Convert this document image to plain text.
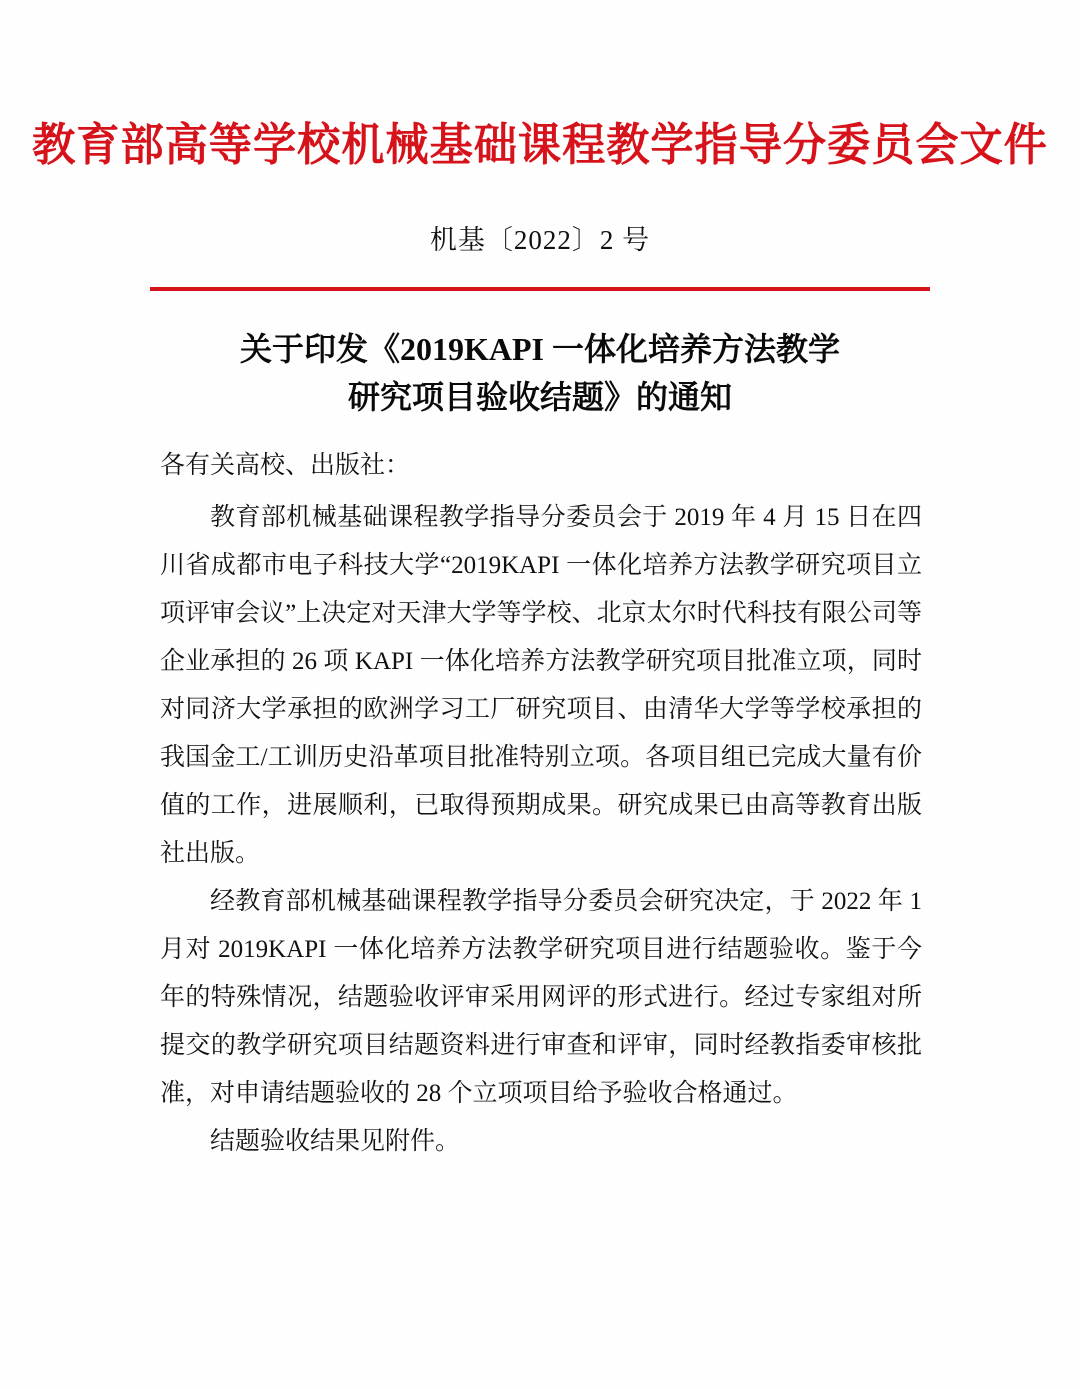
教育部高等学校机械基础课程教学指导分委员会文件
机基〔2022〕2 号
关于印发《2019KAPI 一体化培养方法教学
研究项目验收结题》的通知
各有关高校、出版社：

教育部机械基础课程教学指导分委员会于 2019 年 4 月 15 日在四川省成都市电子科技大学“2019KAPI 一体化培养方法教学研究项目立项评审会议”上决定对天津大学等学校、北京太尔时代科技有限公司等企业承担的 26 项 KAPI 一体化培养方法教学研究项目批准立项，同时对同济大学承担的欧洲学习工厂研究项目、由清华大学等学校承担的我国金工/工训历史沿革项目批准特别立项。各项目组已完成大量有价值的工作，进展顺利，已取得预期成果。研究成果已由高等教育出版社出版。

经教育部机械基础课程教学指导分委员会研究决定，于 2022 年 1 月对 2019KAPI 一体化培养方法教学研究项目进行结题验收。鉴于今年的特殊情况，结题验收评审采用网评的形式进行。经过专家组对所提交的教学研究项目结题资料进行审查和评审，同时经教指委审核批准，对申请结题验收的 28 个立项项目给予验收合格通过。

结题验收结果见附件。
